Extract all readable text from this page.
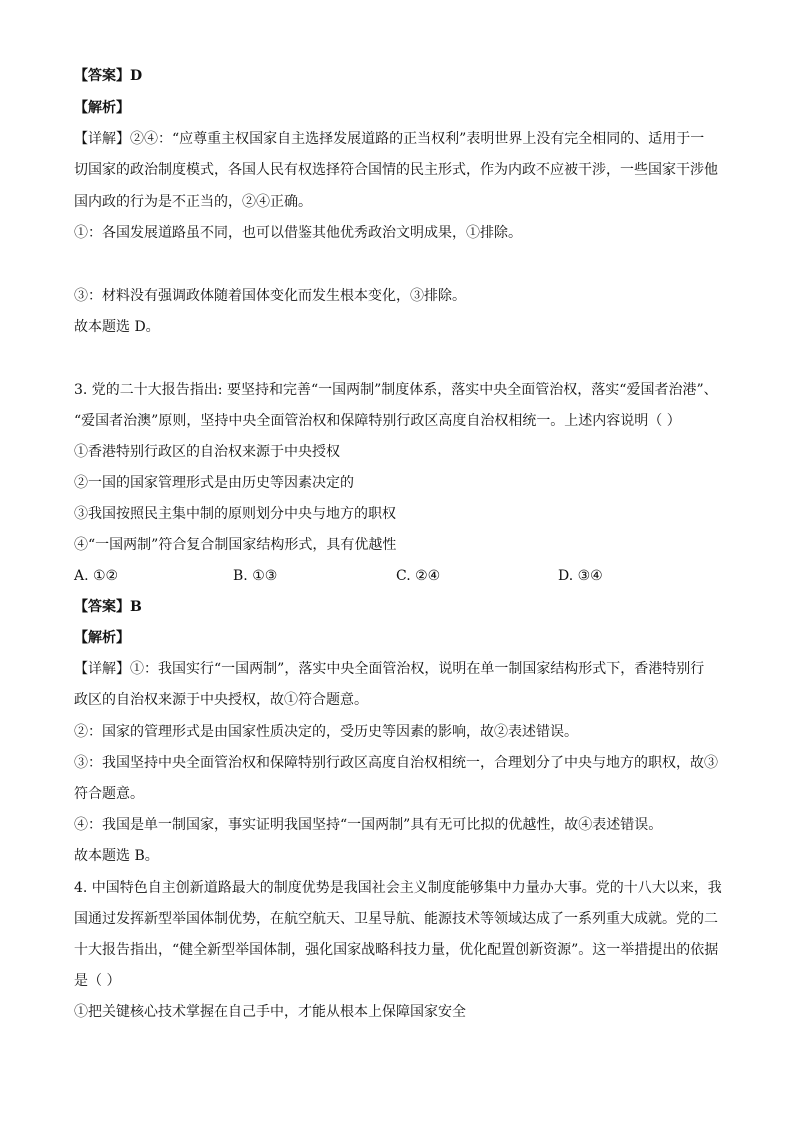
【答案】D
【解析】
【详解】②④：“应尊重主权国家自主选择发展道路的正当权利”表明世界上没有完全相同的、适用于一
切国家的政治制度模式，各国人民有权选择符合国情的民主形式，作为内政不应被干涉，一些国家干涉他
国内政的行为是不正当的，②④正确。
①：各国发展道路虽不同，也可以借鉴其他优秀政治文明成果，①排除。
③：材料没有强调政体随着国体变化而发生根本变化，③排除。
故本题选 D。
3. 党的二十大报告指出: 要坚持和完善“一国两制”制度体系，落实中央全面管治权，落实“爱国者治港”、
“爱国者治澳”原则，坚持中央全面管治权和保障特别行政区高度自治权相统一。上述内容说明（ ）
①香港特别行政区的自治权来源于中央授权
②一国的国家管理形式是由历史等因素决定的
③我国按照民主集中制的原则划分中央与地方的职权
④“一国两制”符合复合制国家结构形式，具有优越性
A. ①②	B. ①③	C. ②④	D. ③④
【答案】B
【解析】
【详解】①：我国实行“一国两制”，落实中央全面管治权，说明在单一制国家结构形式下，香港特别行
政区的自治权来源于中央授权，故①符合题意。
②：国家的管理形式是由国家性质决定的，受历史等因素的影响，故②表述错误。
③：我国坚持中央全面管治权和保障特别行政区高度自治权相统一，合理划分了中央与地方的职权，故③
符合题意。
④：我国是单一制国家，事实证明我国坚持“一国两制”具有无可比拟的优越性，故④表述错误。
故本题选 B。
4. 中国特色自主创新道路最大的制度优势是我国社会主义制度能够集中力量办大事。党的十八大以来，我
国通过发挥新型举国体制优势，在航空航天、卫星导航、能源技术等领域达成了一系列重大成就。党的二
十大报告指出，“健全新型举国体制，强化国家战略科技力量，优化配置创新资源”。这一举措提出的依据
是（ ）
①把关键核心技术掌握在自己手中，才能从根本上保障国家安全
